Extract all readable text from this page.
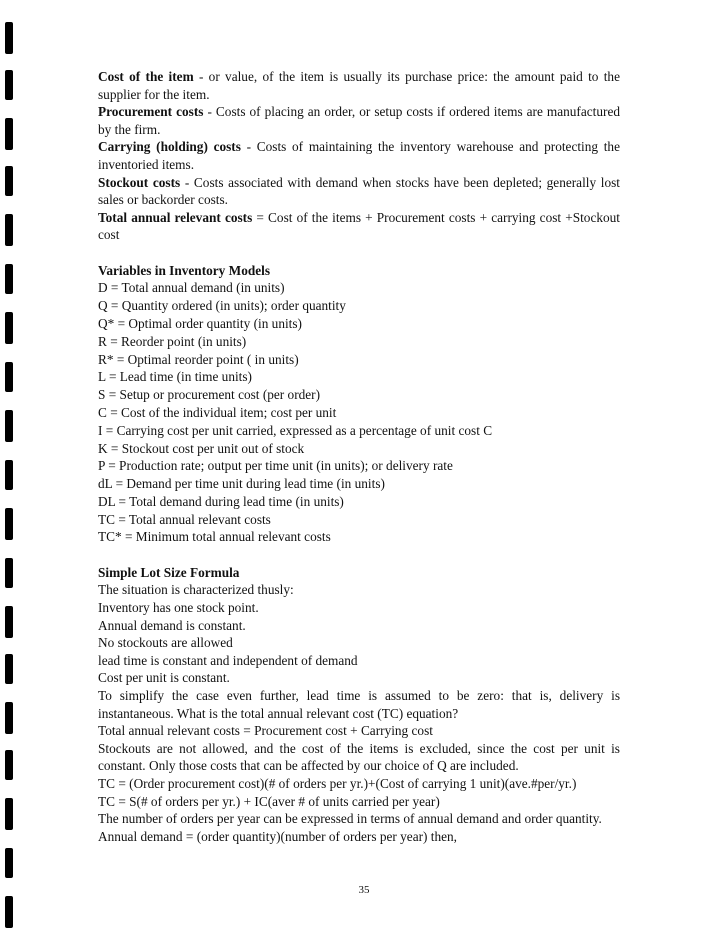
Cost of the item - or value, of the item is usually its purchase price: the amount paid to the supplier for the item.

Procurement costs - Costs of placing an order, or setup costs if ordered items are manufactured by the firm.

Carrying (holding) costs - Costs of maintaining the inventory warehouse and protecting the inventoried items.

Stockout costs - Costs associated with demand when stocks have been depleted; generally lost sales or backorder costs.

Total annual relevant costs = Cost of the items + Procurement costs + carrying cost +Stockout cost

Variables in Inventory Models

D = Total annual demand (in units)

Q = Quantity ordered (in units); order quantity

Q* = Optimal order quantity (in units)

R = Reorder point (in units)

R* = Optimal reorder point ( in units)

L = Lead time (in time units)

S = Setup or procurement cost (per order)

C = Cost of the individual item; cost per unit

I = Carrying cost per unit carried, expressed as a percentage of unit cost C

K = Stockout cost per unit out of stock

P = Production rate; output per time unit (in units); or delivery rate

dL = Demand per time unit during lead time (in units)

DL = Total demand during lead time (in units)

TC = Total annual relevant costs

TC* = Minimum total annual relevant costs

Simple Lot Size Formula

The situation is characterized thusly:

Inventory has one stock point.

Annual demand is constant.

No stockouts are allowed

lead time is constant and independent of demand

Cost per unit is constant.

To simplify the case even further, lead time is assumed to be zero: that is, delivery is instantaneous. What is the total annual relevant cost (TC) equation?

Total annual relevant costs = Procurement cost + Carrying cost

Stockouts are not allowed, and the cost of the items is excluded, since the cost per unit is constant. Only those costs that can be affected by our choice of Q are included.

TC = (Order procurement cost)(# of orders per yr.)+(Cost of carrying 1 unit)(ave.#per/yr.)

TC = S(# of orders per yr.) + IC(aver # of units carried per year)

The number of orders per year can be expressed in terms of annual demand and order quantity.

Annual demand = (order quantity)(number of orders per year) then,

35
